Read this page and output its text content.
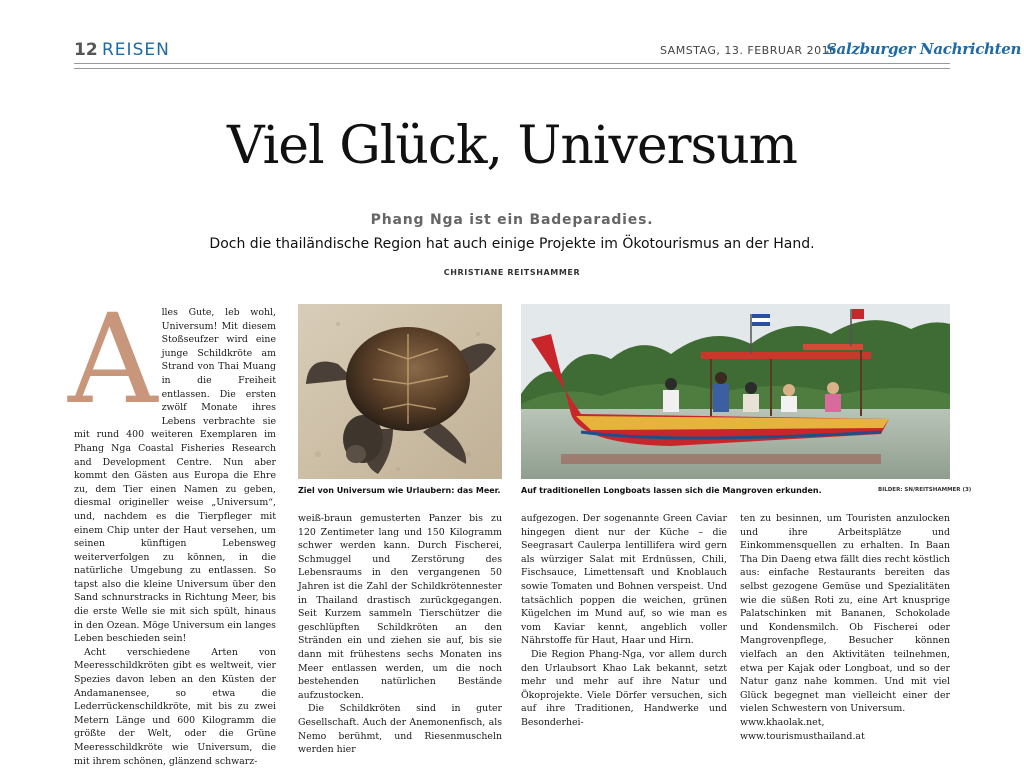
12 REISEN	SAMSTAG, 13. FEBRUAR 2016
Salzburger Nachrichten
Viel Glück, Universum
Phang Nga ist ein Badeparadies.
Doch die thailändische Region hat auch einige Projekte im Ökotourismus an der Hand.
CHRISTIANE REITSHAMMER
A lles Gute, leb wohl, Universum! Mit diesem Stoßseufzer wird eine junge Schildkröte am Strand von Thai Muang in die Freiheit entlassen. Die ersten zwölf Monate ihres Lebens verbrachte sie mit rund 400 weiteren Exemplaren im Phang Nga Coastal Fisheries Research and Development Centre. Nun aber kommt den Gästen aus Europa die Ehre zu, dem Tier einen Namen zu geben, diesmal origineller weise „Universum“, und, nachdem es die Tierpfleger mit einem Chip unter der Haut versehen, um seinen künftigen Lebensweg weiterverfolgen zu können, in die natürliche Umgebung zu entlassen. So tapst also die kleine Universum über den Sand schnurstracks in Richtung Meer, bis die erste Welle sie mit sich spült, hinaus in den Ozean. Möge Universum ein langes Leben beschieden sein!

Acht verschiedene Arten von Meeresschildkröten gibt es weltweit, vier Spezies davon leben an den Küsten der Andamanensee, so etwa die Lederrückenschildkröte, mit bis zu zwei Metern Länge und 600 Kilogramm die größte der Welt, oder die Grüne Meeresschildkröte wie Universum, die mit ihrem schönen, glänzend schwarz-

Ziel von Universum wie Urlaubern: das Meer.	Auf traditionellen Longboats lassen sich die Mangroven erkunden.	BILDER: SN/REITSHAMMER (3)

weiß-braun gemusterten Panzer bis zu 120 Zentimeter lang und 150 Kilogramm schwer werden kann. Durch Fischerei, Schmuggel und Zerstörung des Lebensraums in den vergangenen 50 Jahren ist die Zahl der Schildkrötennester in Thailand drastisch zurückgegangen. Seit Kurzem sammeln Tierschützer die geschlüpften Schildkröten an den Stränden ein und ziehen sie auf, bis sie dann mit frühestens sechs Monaten ins Meer entlassen werden, um die noch bestehenden natürlichen Bestände aufzustocken.

Die Schildkröten sind in guter Gesellschaft. Auch der Anemonenfisch, als Nemo berühmt, und Riesenmuscheln werden hier

aufgezogen. Der sogenannte Green Caviar hingegen dient nur der Küche – die Seegrasart Caulerpa lentillifera wird gern als würziger Salat mit Erdnüssen, Chili, Fischsauce, Limettensaft und Knoblauch sowie Tomaten und Bohnen verspeist. Und tatsächlich poppen die weichen, grünen Kügelchen im Mund auf, so wie man es vom Kaviar kennt, angeblich voller Nährstoffe für Haut, Haar und Hirn.

Die Region Phang-Nga, vor allem durch den Urlaubsort Khao Lak bekannt, setzt mehr und mehr auf ihre Natur und Ökoprojekte. Viele Dörfer versuchen, sich auf ihre Traditionen, Handwerke und Besonderhei-

ten zu besinnen, um Touristen anzulocken und ihre Arbeitsplätze und Einkommensquellen zu erhalten. In Baan Tha Din Daeng etwa fällt dies recht köstlich aus: einfache Restaurants bereiten das selbst gezogene Gemüse und Spezialitäten wie die süßen Roti zu, eine Art knusprige Palatschinken mit Bananen, Schokolade und Kondensmilch. Ob Fischerei oder Mangrovenpflege, Besucher können vielfach an den Aktivitäten teilnehmen, etwa per Kajak oder Longboat, und so der Natur ganz nahe kommen. Und mit viel Glück begegnet man vielleicht einer der vielen Schwestern von Universum.

www.khaolak.net, www.tourismusthailand.at
